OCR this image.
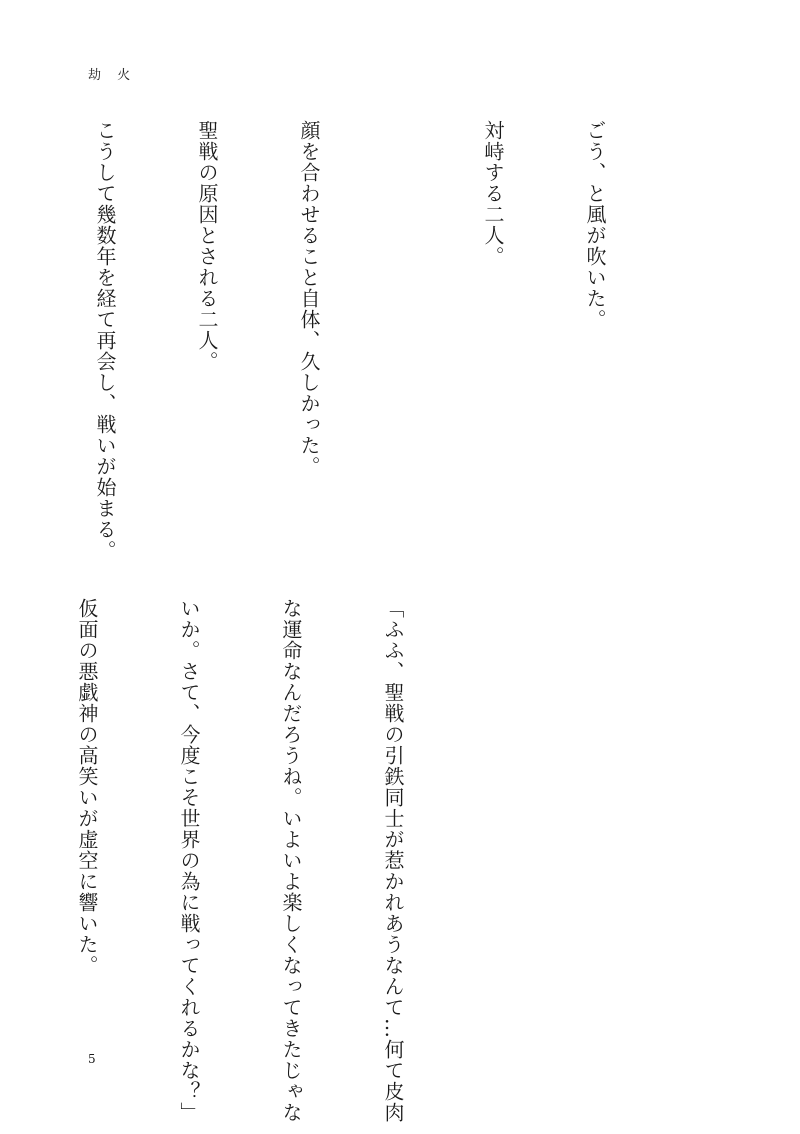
劫 火

ごう、と風が吹いた。

対峙する二人。

顔を合わせること自体、久しかった。

聖戦の原因とされる二人。

こうして幾数年を経て再会し、戦いが始まる。

「ふふ、聖戦の引鉄同士が惹かれあうなんて…何て皮肉

な運命なんだろうね。いよいよ楽しくなってきたじゃな

いか。さて、今度こそ世界の為に戦ってくれるかな？」

仮面の悪戯神の高笑いが虚空に響いた。

5
